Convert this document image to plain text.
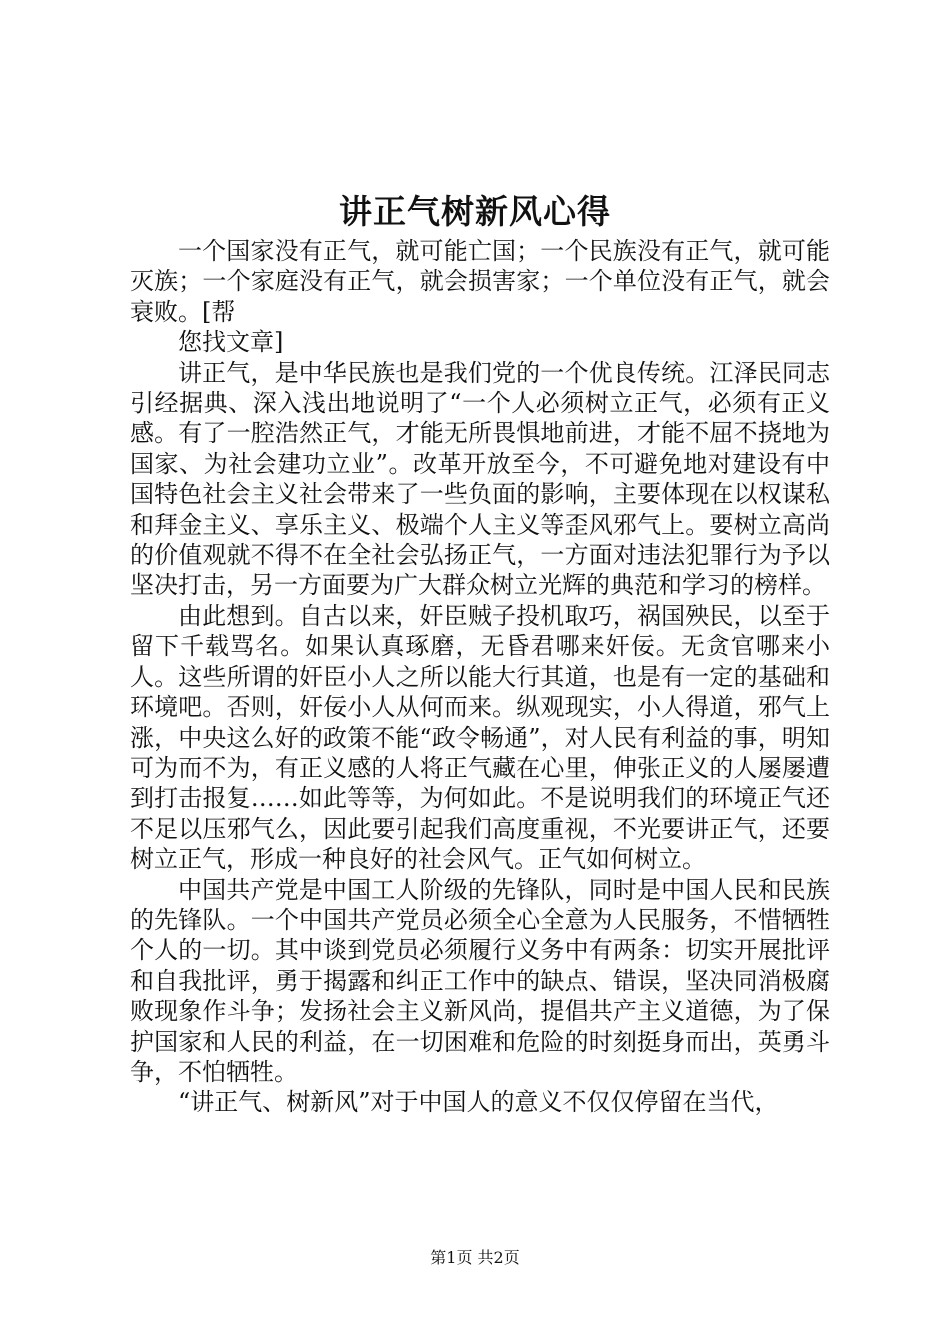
讲正气树新风心得

一个国家没有正气，就可能亡国；一个民族没有正气，就可能灭族；一个家庭没有正气，就会损害家；一个单位没有正气，就会衰败。[帮

您找文章]

讲正气，是中华民族也是我们党的一个优良传统。江泽民同志引经据典、深入浅出地说明了“一个人必须树立正气，必须有正义感。有了一腔浩然正气，才能无所畏惧地前进，才能不屈不挠地为国家、为社会建功立业”。改革开放至今，不可避免地对建设有中国特色社会主义社会带来了一些负面的影响，主要体现在以权谋私和拜金主义、享乐主义、极端个人主义等歪风邪气上。要树立高尚的价值观就不得不在全社会弘扬正气，一方面对违法犯罪行为予以坚决打击，另一方面要为广大群众树立光辉的典范和学习的榜样。

由此想到。自古以来，奸臣贼子投机取巧，祸国殃民，以至于留下千载骂名。如果认真琢磨，无昏君哪来奸佞。无贪官哪来小人。这些所谓的奸臣小人之所以能大行其道，也是有一定的基础和环境吧。否则，奸佞小人从何而来。纵观现实，小人得道，邪气上涨，中央这么好的政策不能“政令畅通”，对人民有利益的事，明知可为而不为，有正义感的人将正气藏在心里，伸张正义的人屡屡遭到打击报复……如此等等，为何如此。不是说明我们的环境正气还不足以压邪气么，因此要引起我们高度重视，不光要讲正气，还要树立正气，形成一种良好的社会风气。正气如何树立。

中国共产党是中国工人阶级的先锋队，同时是中国人民和民族的先锋队。一个中国共产党员必须全心全意为人民服务，不惜牺牲个人的一切。其中谈到党员必须履行义务中有两条：切实开展批评和自我批评，勇于揭露和纠正工作中的缺点、错误，坚决同消极腐败现象作斗争；发扬社会主义新风尚，提倡共产主义道德，为了保护国家和人民的利益，在一切困难和危险的时刻挺身而出，英勇斗争，不怕牺牲。

“讲正气、树新风”对于中国人的意义不仅仅停留在当代，

第1页 共2页
